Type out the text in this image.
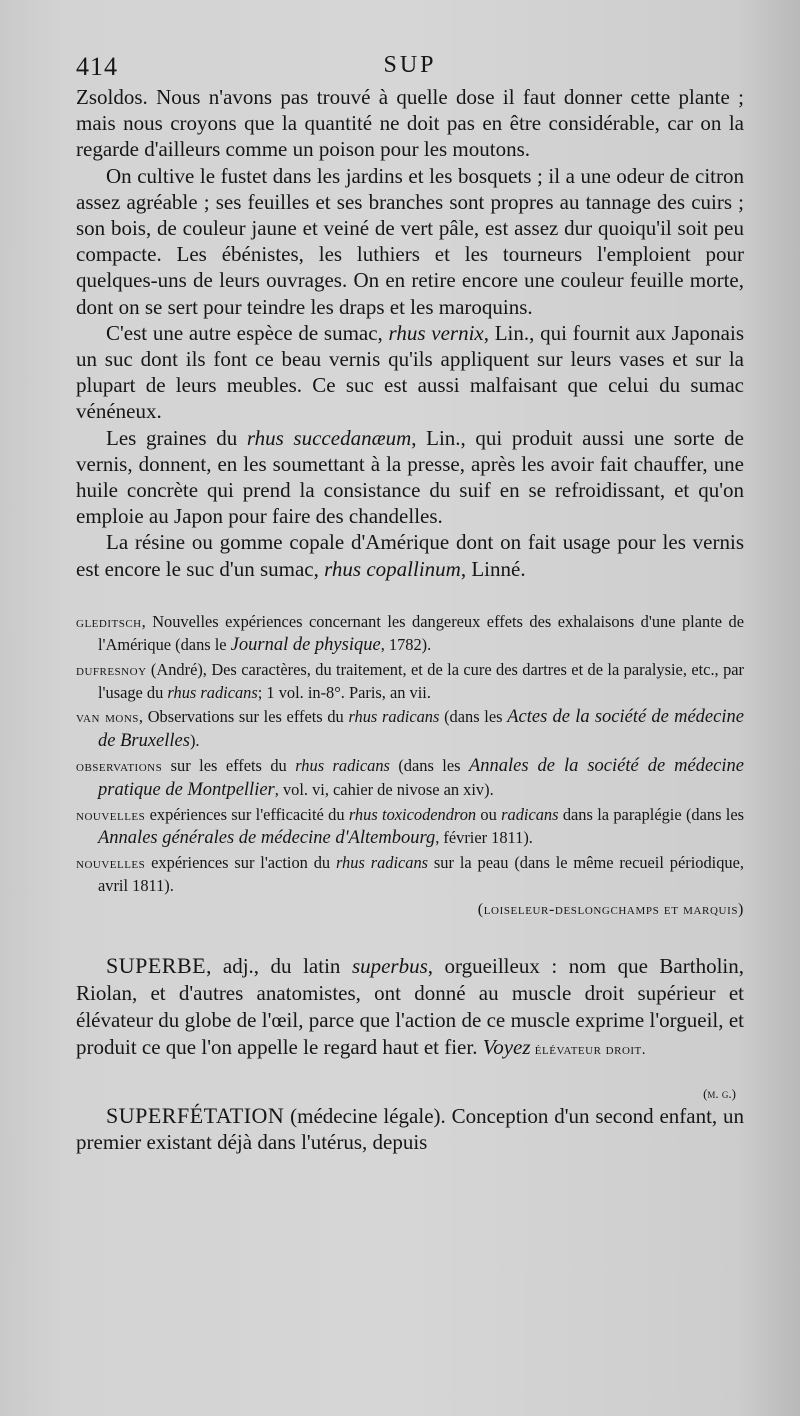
414	SUP

Zsoldos. Nous n'avons pas trouvé à quelle dose il faut donner cette plante ; mais nous croyons que la quantité ne doit pas en être considérable, car on la regarde d'ailleurs comme un poison pour les moutons.

On cultive le fustet dans les jardins et les bosquets ; il a une odeur de citron assez agréable ; ses feuilles et ses branches sont propres au tannage des cuirs ; son bois, de couleur jaune et veiné de vert pâle, est assez dur quoiqu'il soit peu compacte. Les ébénistes, les luthiers et les tourneurs l'emploient pour quelques-uns de leurs ouvrages. On en retire encore une couleur feuille morte, dont on se sert pour teindre les draps et les maroquins.

C'est une autre espèce de sumac, rhus vernix, Lin., qui fournit aux Japonais un suc dont ils font ce beau vernis qu'ils appliquent sur leurs vases et sur la plupart de leurs meubles. Ce suc est aussi malfaisant que celui du sumac vénéneux.

Les graines du rhus succedanæum, Lin., qui produit aussi une sorte de vernis, donnent, en les soumettant à la presse, après les avoir fait chauffer, une huile concrète qui prend la consistance du suif en se refroidissant, et qu'on emploie au Japon pour faire des chandelles.

La résine ou gomme copale d'Amérique dont on fait usage pour les vernis est encore le suc d'un sumac, rhus copallinum, Linné.

gleditsch, Nouvelles expériences concernant les dangereux effets des exhalaisons d'une plante de l'Amérique (dans le Journal de physique, 1782).

dufresnoy (André), Des caractères, du traitement, et de la cure des dartres et de la paralysie, etc., par l'usage du rhus radicans; 1 vol. in-8°. Paris, an vii.

van mons, Observations sur les effets du rhus radicans (dans les Actes de la société de médecine de Bruxelles).

observations sur les effets du rhus radicans (dans les Annales de la société de médecine pratique de Montpellier, vol. vi, cahier de nivose an xiv).

nouvelles expériences sur l'efficacité du rhus toxicodendron ou radicans dans la paraplégie (dans les Annales générales de médecine d'Altembourg, février 1811).

nouvelles expériences sur l'action du rhus radicans sur la peau (dans le même recueil périodique, avril 1811).

(loiseleur-deslongchamps et marquis)

SUPERBE, adj., du latin superbus, orgueilleux : nom que Bartholin, Riolan, et d'autres anatomistes, ont donné au muscle droit supérieur et élévateur du globe de l'œil, parce que l'action de ce muscle exprime l'orgueil, et produit ce que l'on appelle le regard haut et fier. Voyez élévateur droit.

(m. g.)

SUPERFÉTATION (médecine légale). Conception d'un second enfant, un premier existant déjà dans l'utérus, depuis
